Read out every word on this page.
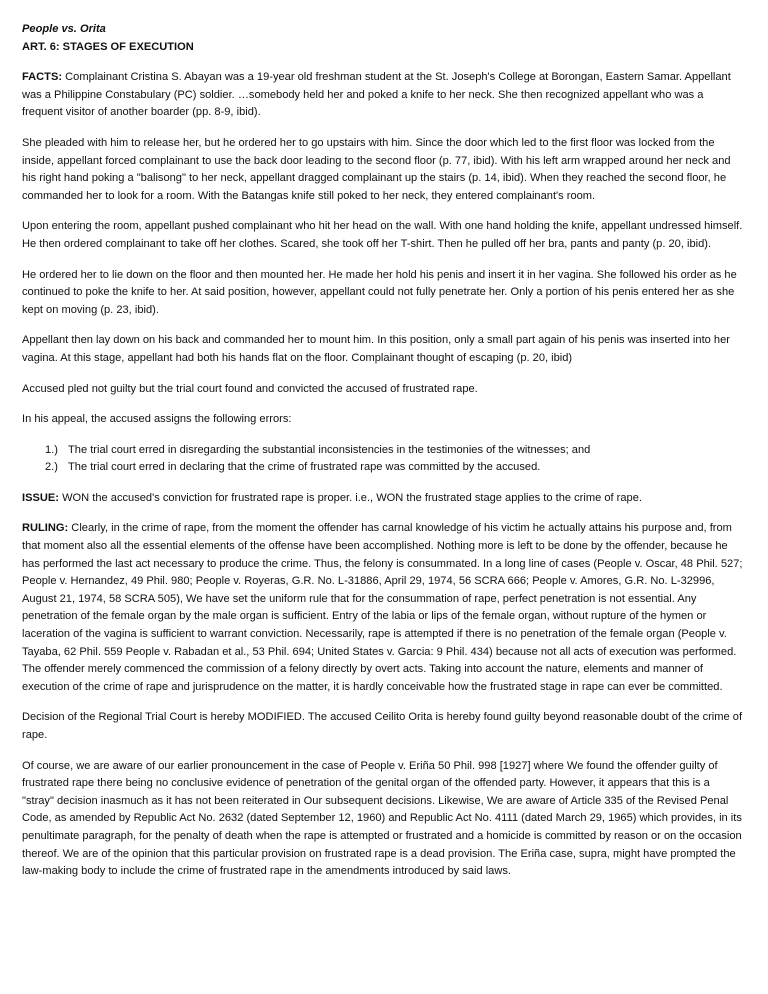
People vs. Orita

ART. 6: STAGES OF EXECUTION

FACTS: Complainant Cristina S. Abayan was a 19-year old freshman student at the St. Joseph's College at Borongan, Eastern Samar. Appellant was a Philippine Constabulary (PC) soldier. …somebody held her and poked a knife to her neck. She then recognized appellant who was a frequent visitor of another boarder (pp. 8-9, ibid).

She pleaded with him to release her, but he ordered her to go upstairs with him. Since the door which led to the first floor was locked from the inside, appellant forced complainant to use the back door leading to the second floor (p. 77, ibid). With his left arm wrapped around her neck and his right hand poking a "balisong" to her neck, appellant dragged complainant up the stairs (p. 14, ibid). When they reached the second floor, he commanded her to look for a room. With the Batangas knife still poked to her neck, they entered complainant's room.

Upon entering the room, appellant pushed complainant who hit her head on the wall. With one hand holding the knife, appellant undressed himself. He then ordered complainant to take off her clothes. Scared, she took off her T-shirt. Then he pulled off her bra, pants and panty (p. 20, ibid).

He ordered her to lie down on the floor and then mounted her. He made her hold his penis and insert it in her vagina. She followed his order as he continued to poke the knife to her. At said position, however, appellant could not fully penetrate her. Only a portion of his penis entered her as she kept on moving (p. 23, ibid).

Appellant then lay down on his back and commanded her to mount him. In this position, only a small part again of his penis was inserted into her vagina. At this stage, appellant had both his hands flat on the floor. Complainant thought of escaping (p. 20, ibid)

Accused pled not guilty but the trial court found and convicted the accused of frustrated rape.

In his appeal, the accused assigns the following errors:

1.) The trial court erred in disregarding the substantial inconsistencies in the testimonies of the witnesses; and
2.) The trial court erred in declaring that the crime of frustrated rape was committed by the accused.

ISSUE: WON the accused's conviction for frustrated rape is proper. i.e., WON the frustrated stage applies to the crime of rape.

RULING: Clearly, in the crime of rape, from the moment the offender has carnal knowledge of his victim he actually attains his purpose and, from that moment also all the essential elements of the offense have been accomplished. Nothing more is left to be done by the offender, because he has performed the last act necessary to produce the crime. Thus, the felony is consummated. In a long line of cases (People v. Oscar, 48 Phil. 527; People v. Hernandez, 49 Phil. 980; People v. Royeras, G.R. No. L-31886, April 29, 1974, 56 SCRA 666; People v. Amores, G.R. No. L-32996, August 21, 1974, 58 SCRA 505), We have set the uniform rule that for the consummation of rape, perfect penetration is not essential. Any penetration of the female organ by the male organ is sufficient. Entry of the labia or lips of the female organ, without rupture of the hymen or laceration of the vagina is sufficient to warrant conviction. Necessarily, rape is attempted if there is no penetration of the female organ (People v. Tayaba, 62 Phil. 559 People v. Rabadan et al., 53 Phil. 694; United States v. Garcia: 9 Phil. 434) because not all acts of execution was performed. The offender merely commenced the commission of a felony directly by overt acts. Taking into account the nature, elements and manner of execution of the crime of rape and jurisprudence on the matter, it is hardly conceivable how the frustrated stage in rape can ever be committed.

Decision of the Regional Trial Court is hereby MODIFIED. The accused Ceilito Orita is hereby found guilty beyond reasonable doubt of the crime of rape.

Of course, we are aware of our earlier pronouncement in the case of People v. Eriña 50 Phil. 998 [1927] where We found the offender guilty of frustrated rape there being no conclusive evidence of penetration of the genital organ of the offended party. However, it appears that this is a "stray" decision inasmuch as it has not been reiterated in Our subsequent decisions. Likewise, We are aware of Article 335 of the Revised Penal Code, as amended by Republic Act No. 2632 (dated September 12, 1960) and Republic Act No. 4111 (dated March 29, 1965) which provides, in its penultimate paragraph, for the penalty of death when the rape is attempted or frustrated and a homicide is committed by reason or on the occasion thereof. We are of the opinion that this particular provision on frustrated rape is a dead provision. The Eriña case, supra, might have prompted the law-making body to include the crime of frustrated rape in the amendments introduced by said laws.
